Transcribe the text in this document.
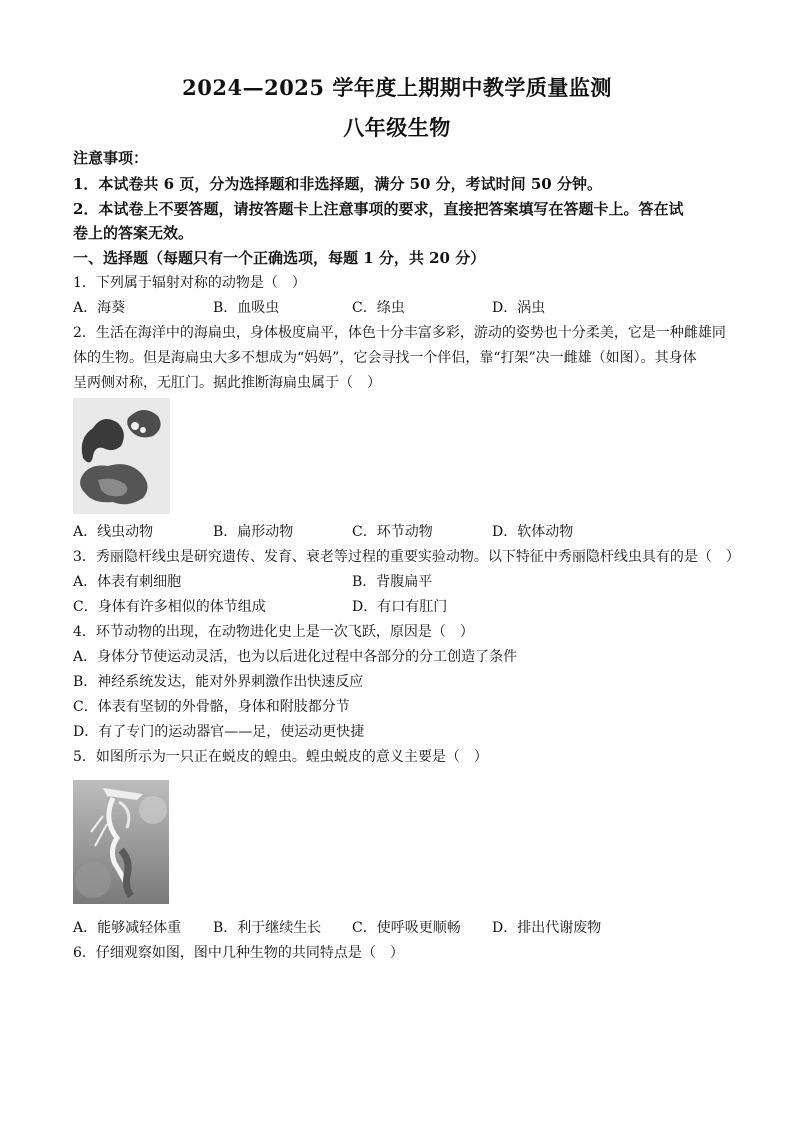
2024—2025 学年度上期期中教学质量监测
八年级生物
注意事项：
1．本试卷共 6 页，分为选择题和非选择题，满分 50 分，考试时间 50 分钟。
2．本试卷上不要答题，请按答题卡上注意事项的要求，直接把答案填写在答题卡上。答在试
卷上的答案无效。
一、选择题（每题只有一个正确选项，每题 1 分，共 20 分）
1．下列属于辐射对称的动物是（　）
A．海葵	B．血吸虫	C．绦虫	D．涡虫
2．生活在海洋中的海扁虫，身体极度扁平，体色十分丰富多彩，游动的姿势也十分柔美，它是一种雌雄同
体的生物。但是海扁虫大多不想成为“妈妈”，它会寻找一个伴侣，靠“打架”决一雌雄（如图）。其身体
呈两侧对称，无肛门。据此推断海扁虫属于（　）
A．线虫动物	B．扁形动物	C．环节动物	D．软体动物
3．秀丽隐杆线虫是研究遗传、发育、衰老等过程的重要实验动物。以下特征中秀丽隐杆线虫具有的是（　）
A．体表有刺细胞	B．背腹扁平
C．身体有许多相似的体节组成	D．有口有肛门
4．环节动物的出现，在动物进化史上是一次飞跃，原因是（　）
A．身体分节使运动灵活，也为以后进化过程中各部分的分工创造了条件
B．神经系统发达，能对外界刺激作出快速反应
C．体表有坚韧的外骨骼，身体和附肢都分节
D．有了专门的运动器官——足，使运动更快捷
5．如图所示为一只正在蜕皮的蝗虫。蝗虫蜕皮的意义主要是（　）
A．能够减轻体重 B．利于继续生长 C．使呼吸更顺畅 D．排出代谢废物
6．仔细观察如图，图中几种生物的共同特点是（　）
